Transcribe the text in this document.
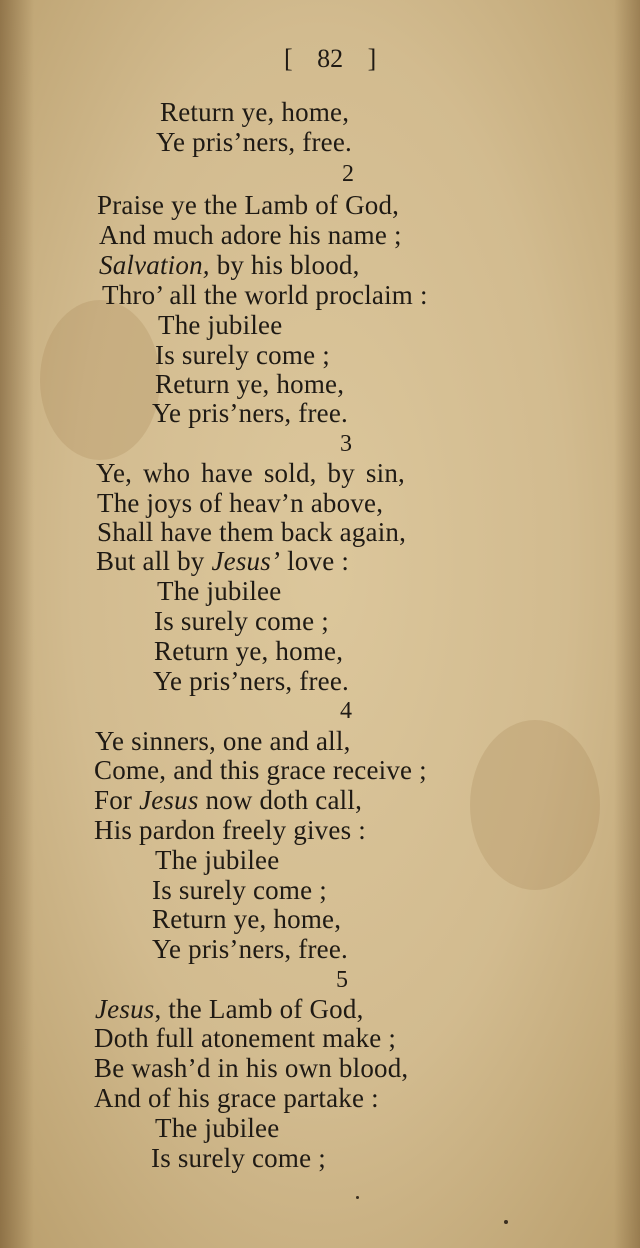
[ 82 ]
Return ye, home,
Ye pris’ners, free.
2
Praise ye the Lamb of God,
And much adore his name ;
Salvation, by his blood,
Thro’ all the world proclaim :
The jubilee
Is surely come ;
Return ye, home,
Ye pris’ners, free.
3
Ye, who have sold, by sin,
The joys of heav’n above,
Shall have them back again,
But all by Jesus’ love :
The jubilee
Is surely come ;
Return ye, home,
Ye pris’ners, free.
4
Ye sinners, one and all,
Come, and this grace receive ;
For Jesus now doth call,
His pardon freely gives :
The jubilee
Is surely come ;
Return ye, home,
Ye pris’ners, free.
5
Jesus, the Lamb of God,
Doth full atonement make ;
Be wash’d in his own blood,
And of his grace partake :
The jubilee
Is surely come ;
